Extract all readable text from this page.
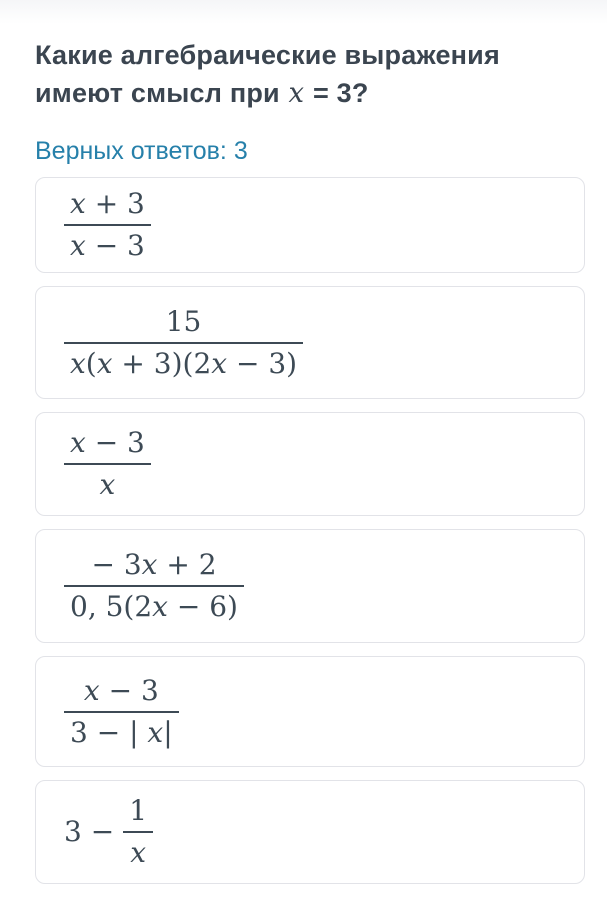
Какие алгебраические выражения имеют смысл при x = 3?
Верных ответов: 3
$\frac{x + 3}{x - 3}$
$\frac{15}{x(x + 3)(2x - 3)}$
$\frac{x - 3}{x}$
$\frac{- 3x + 2}{0, 5(2x - 6)}$
$\frac{x - 3}{3 - | x|}$
$3 - \frac{1}{x}$
